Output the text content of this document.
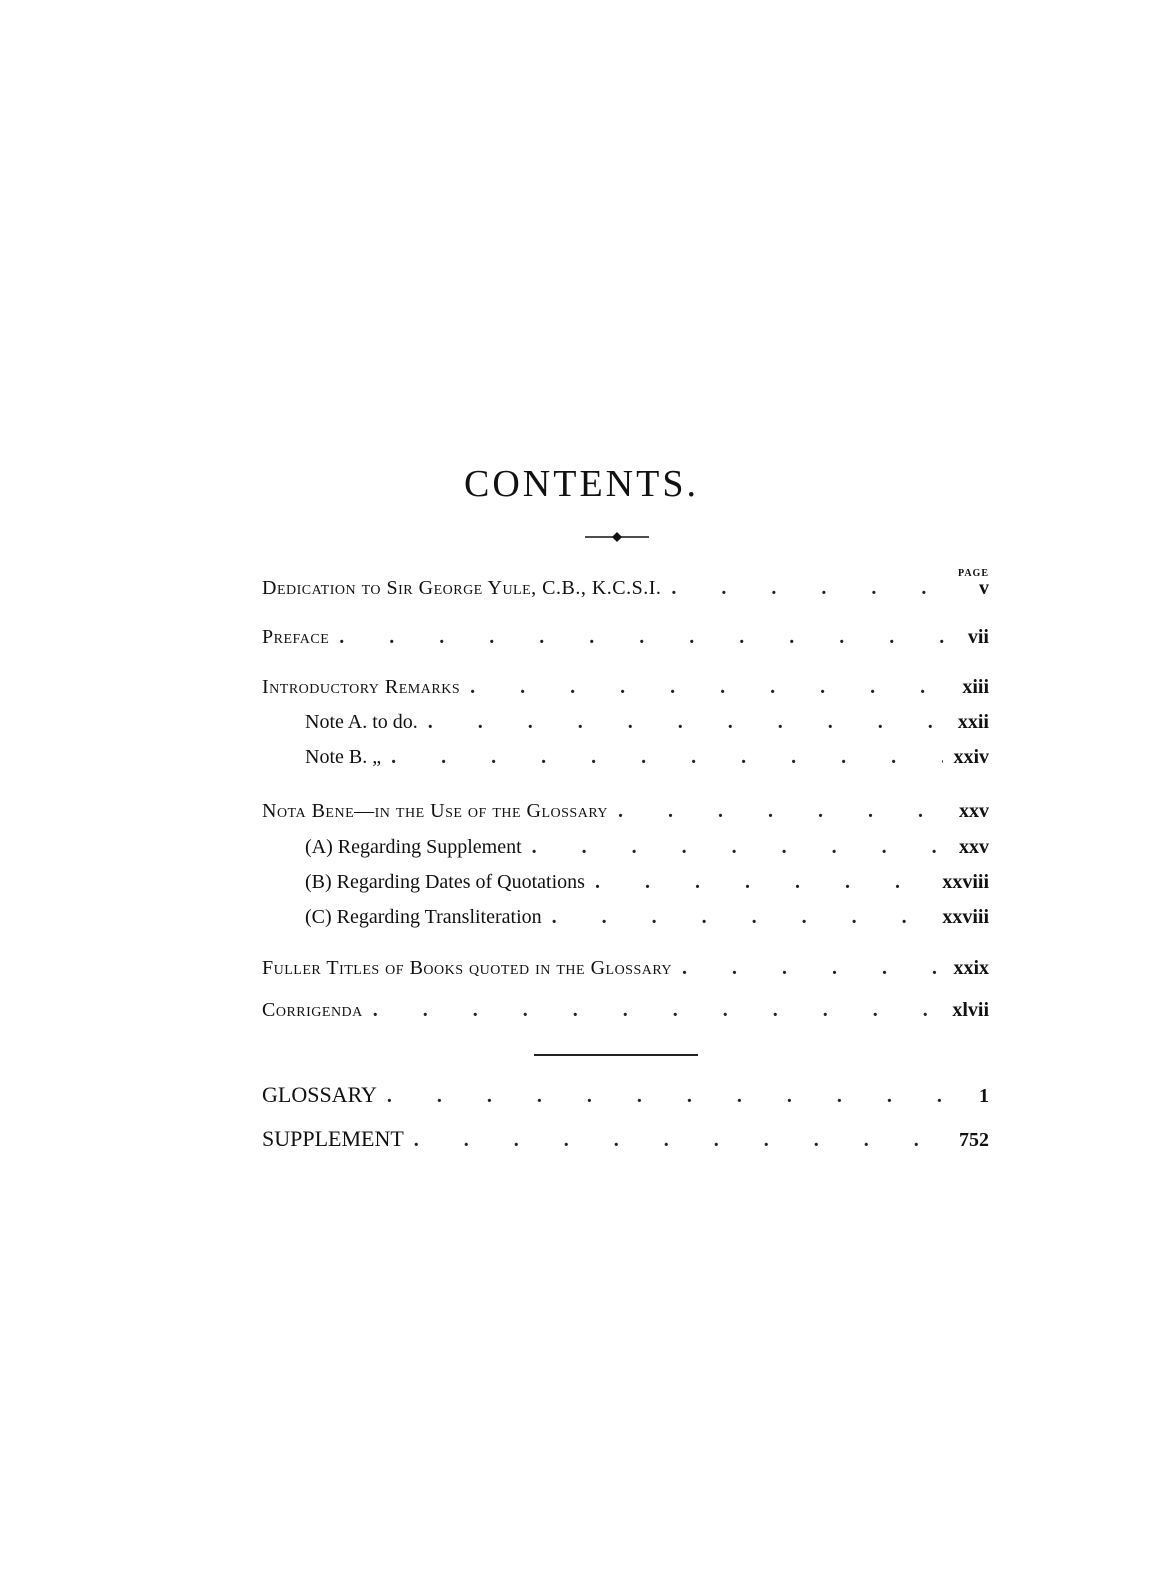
CONTENTS.
PAGE
Dedication to Sir George Yule, C.B., K.C.S.I. . . .	v
Preface . . .	vii
Introductory Remarks . . .	xiii
Note A. to do. . . .	xxii
Note B. „ . . .	xxiv
Nota Bene—in the Use of the Glossary . . .	xxv
(A) Regarding Supplement . . .	xxv
(B) Regarding Dates of Quotations . . .	xxviii
(C) Regarding Transliteration . . .	xxviii
Fuller Titles of Books quoted in the Glossary . . .	xxix
Corrigenda . . .	xlvii
GLOSSARY . . .	1
SUPPLEMENT . . .	752
